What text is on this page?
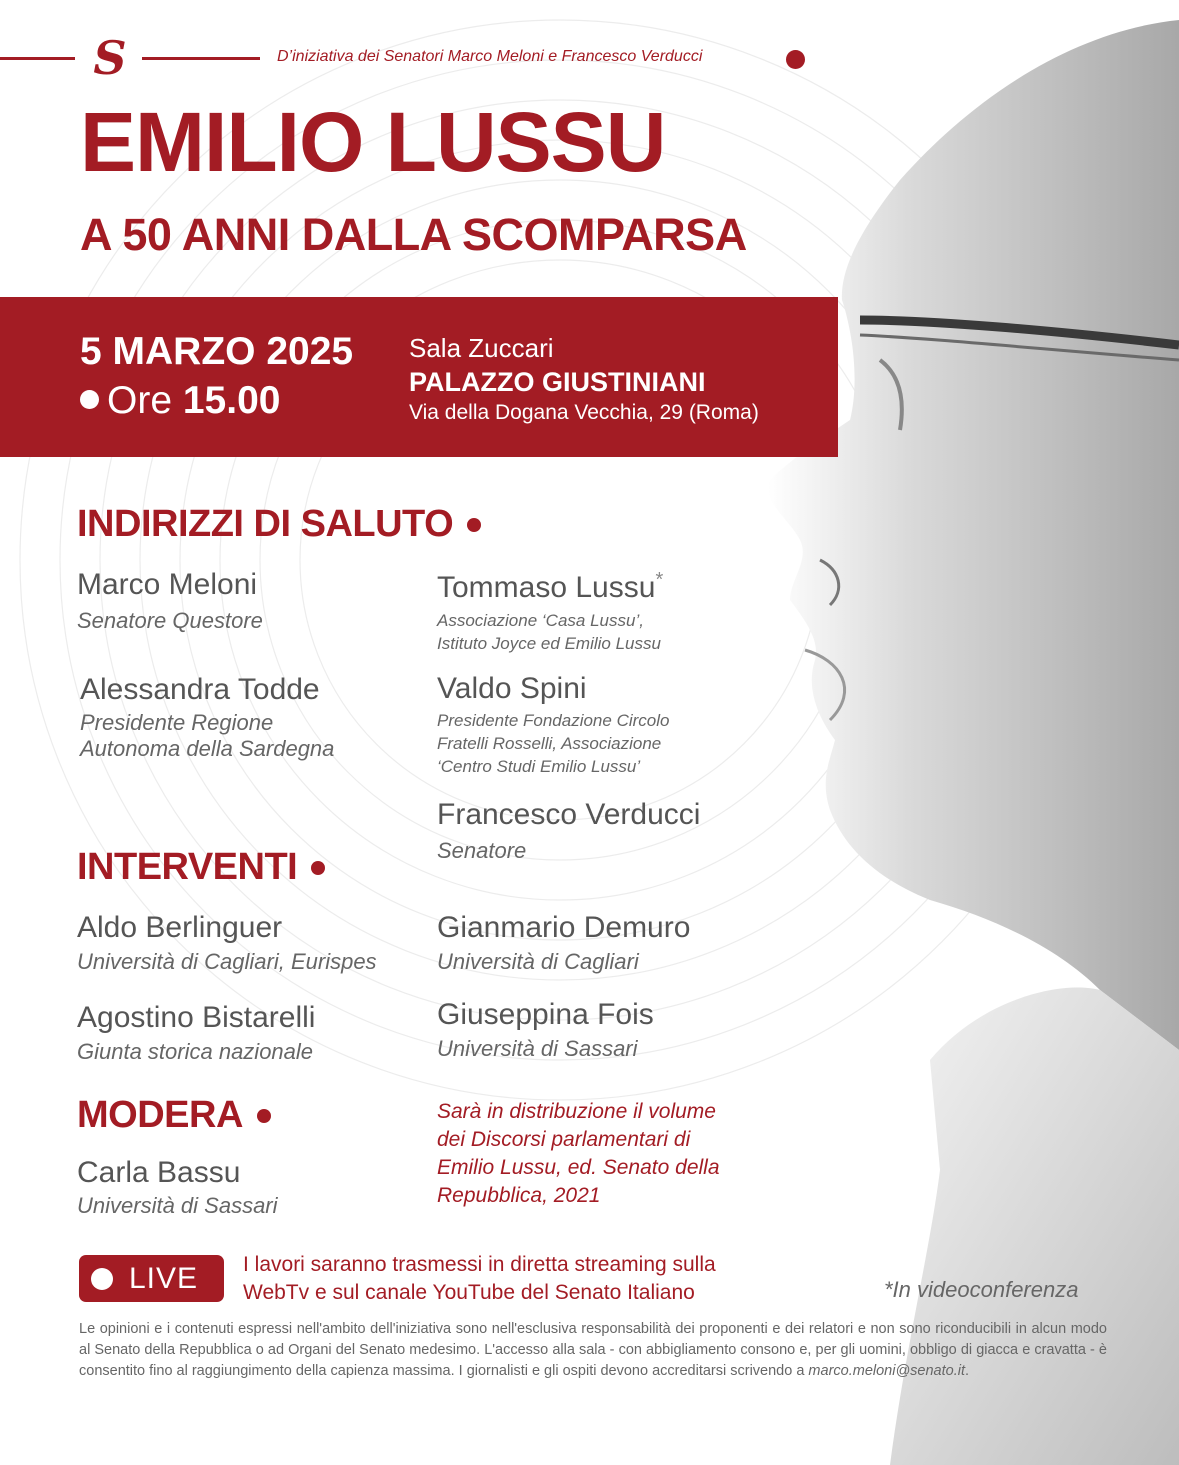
S	D’iniziativa dei Senatori Marco Meloni e Francesco Verducci
EMILIO LUSSU
A 50 ANNI DALLA SCOMPARSA
5 MARZO 2025
Ore 15.00
Sala Zuccari
PALAZZO GIUSTINIANI
Via della Dogana Vecchia, 29 (Roma)
INDIRIZZI DI SALUTO
Marco Meloni
Senatore Questore
Alessandra Todde
Presidente Regione
Autonoma della Sardegna
Tommaso Lussu*
Associazione ‘Casa Lussu’,
Istituto Joyce ed Emilio Lussu
Valdo Spini
Presidente Fondazione Circolo
Fratelli Rosselli, Associazione
‘Centro Studi Emilio Lussu’
Francesco Verducci
Senatore
INTERVENTI
Aldo Berlinguer
Università di Cagliari, Eurispes
Agostino Bistarelli
Giunta storica nazionale
Gianmario Demuro
Università di Cagliari
Giuseppina Fois
Università di Sassari
MODERA
Carla Bassu
Università di Sassari
Sarà in distribuzione il volume
dei Discorsi parlamentari di
Emilio Lussu, ed. Senato della
Repubblica, 2021
LIVE I lavori saranno trasmessi in diretta streaming sulla
WebTv e sul canale YouTube del Senato Italiano	*In videoconferenza
Le opinioni e i contenuti espressi nell'ambito dell'iniziativa sono nell'esclusiva responsabilità dei proponenti e dei relatori e non sono riconducibili in alcun modo al Senato della Repubblica o ad Organi del Senato medesimo. L'accesso alla sala - con abbigliamento consono e, per gli uomini, obbligo di giacca e cravatta - è consentito fino al raggiungimento della capienza massima. I giornalisti e gli ospiti devono accreditarsi scrivendo a marco.meloni@senato.it.
